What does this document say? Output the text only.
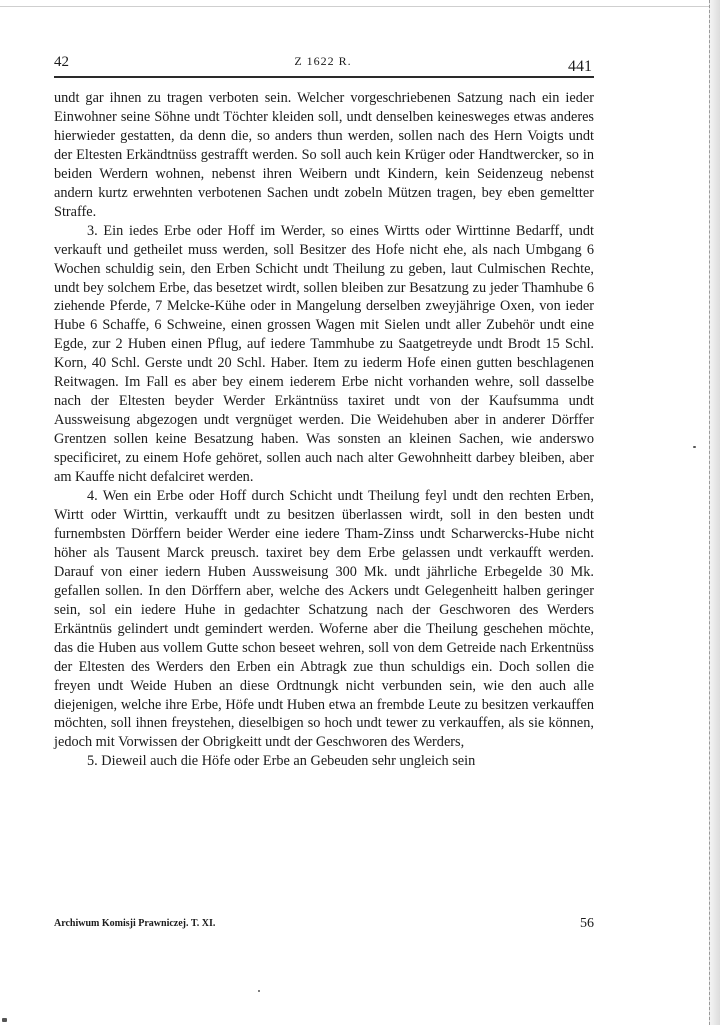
42	Z 1622 R.	441

undt gar ihnen zu tragen verboten sein. Welcher vorgeschriebenen Satzung nach ein ieder Einwohner seine Söhne undt Töchter kleiden soll, undt denselben keinesweges etwas anderes hierwieder gestatten, da denn die, so anders thun werden, sollen nach des Hern Voigts undt der Eltesten Erkändtnüss gestrafft werden. So soll auch kein Krüger oder Handtwercker, so in beiden Werdern wohnen, nebenst ihren Weibern undt Kindern, kein Seidenzeug nebenst andern kurtz erwehnten verbotenen Sachen undt zobeln Mützen tragen, bey eben gemeltter Straffe.

3. Ein iedes Erbe oder Hoff im Werder, so eines Wirtts oder Wirttinne Bedarff, undt verkauft und getheilet muss werden, soll Besitzer des Hofe nicht ehe, als nach Umbgang 6 Wochen schuldig sein, den Erben Schicht undt Theilung zu geben, laut Culmischen Rechte, undt bey solchem Erbe, das besetzet wirdt, sollen bleiben zur Besatzung zu jeder Thamhube 6 ziehende Pferde, 7 Melcke-Kühe oder in Mangelung derselben zweyjährige Oxen, von ieder Hube 6 Schaffe, 6 Schweine, einen grossen Wagen mit Sielen undt aller Zubehör undt eine Egde, zur 2 Huben einen Pflug, auf iedere Tammhube zu Saatgetreyde undt Brodt 15 Schl. Korn, 40 Schl. Gerste undt 20 Schl. Haber. Item zu iederm Hofe einen gutten beschlagenen Reitwagen. Im Fall es aber bey einem iederem Erbe nicht vorhanden wehre, soll dasselbe nach der Eltesten beyder Werder Erkäntnüss taxiret undt von der Kaufsumma undt Aussweisung abgezogen undt vergnüget werden. Die Weidehuben aber in anderer Dörffer Grentzen sollen keine Besatzung haben. Was sonsten an kleinen Sachen, wie anderswo specificiret, zu einem Hofe gehöret, sollen auch nach alter Gewohnheitt darbey bleiben, aber am Kauffe nicht defalciret werden.

4. Wen ein Erbe oder Hoff durch Schicht undt Theilung feyl undt den rechten Erben, Wirtt oder Wirttin, verkaufft undt zu besitzen überlassen wirdt, soll in den besten undt furnembsten Dörffern beider Werder eine iedere Tham-Zinss undt Scharwercks-Hube nicht höher als Tausent Marck preusch. taxiret bey dem Erbe gelassen undt verkaufft werden. Darauf von einer iedern Huben Aussweisung 300 Mk. undt jährliche Erbegelde 30 Mk. gefallen sollen. In den Dörffern aber, welche des Ackers undt Gelegenheitt halben geringer sein, sol ein iedere Huhe in gedachter Schatzung nach der Geschworen des Werders Erkäntnüs gelindert undt gemindert werden. Woferne aber die Theilung geschehen möchte, das die Huben aus vollem Gutte schon beseet wehren, soll von dem Getreide nach Erkentnüss der Eltesten des Werders den Erben ein Abtragk zue thun schuldigs ein. Doch sollen die freyen undt Weide Huben an diese Ordtnungk nicht verbunden sein, wie den auch alle diejenigen, welche ihre Erbe, Höfe undt Huben etwa an frembde Leute zu besitzen verkauffen möchten, soll ihnen freystehen, dieselbigen so hoch undt tewer zu verkauffen, als sie können, jedoch mit Vorwissen der Obrigkeitt undt der Geschworen des Werders,

5. Dieweil auch die Höfe oder Erbe an Gebeuden sehr ungleich sein

Archiwum Komisji Prawniczej. T. XI.	56
